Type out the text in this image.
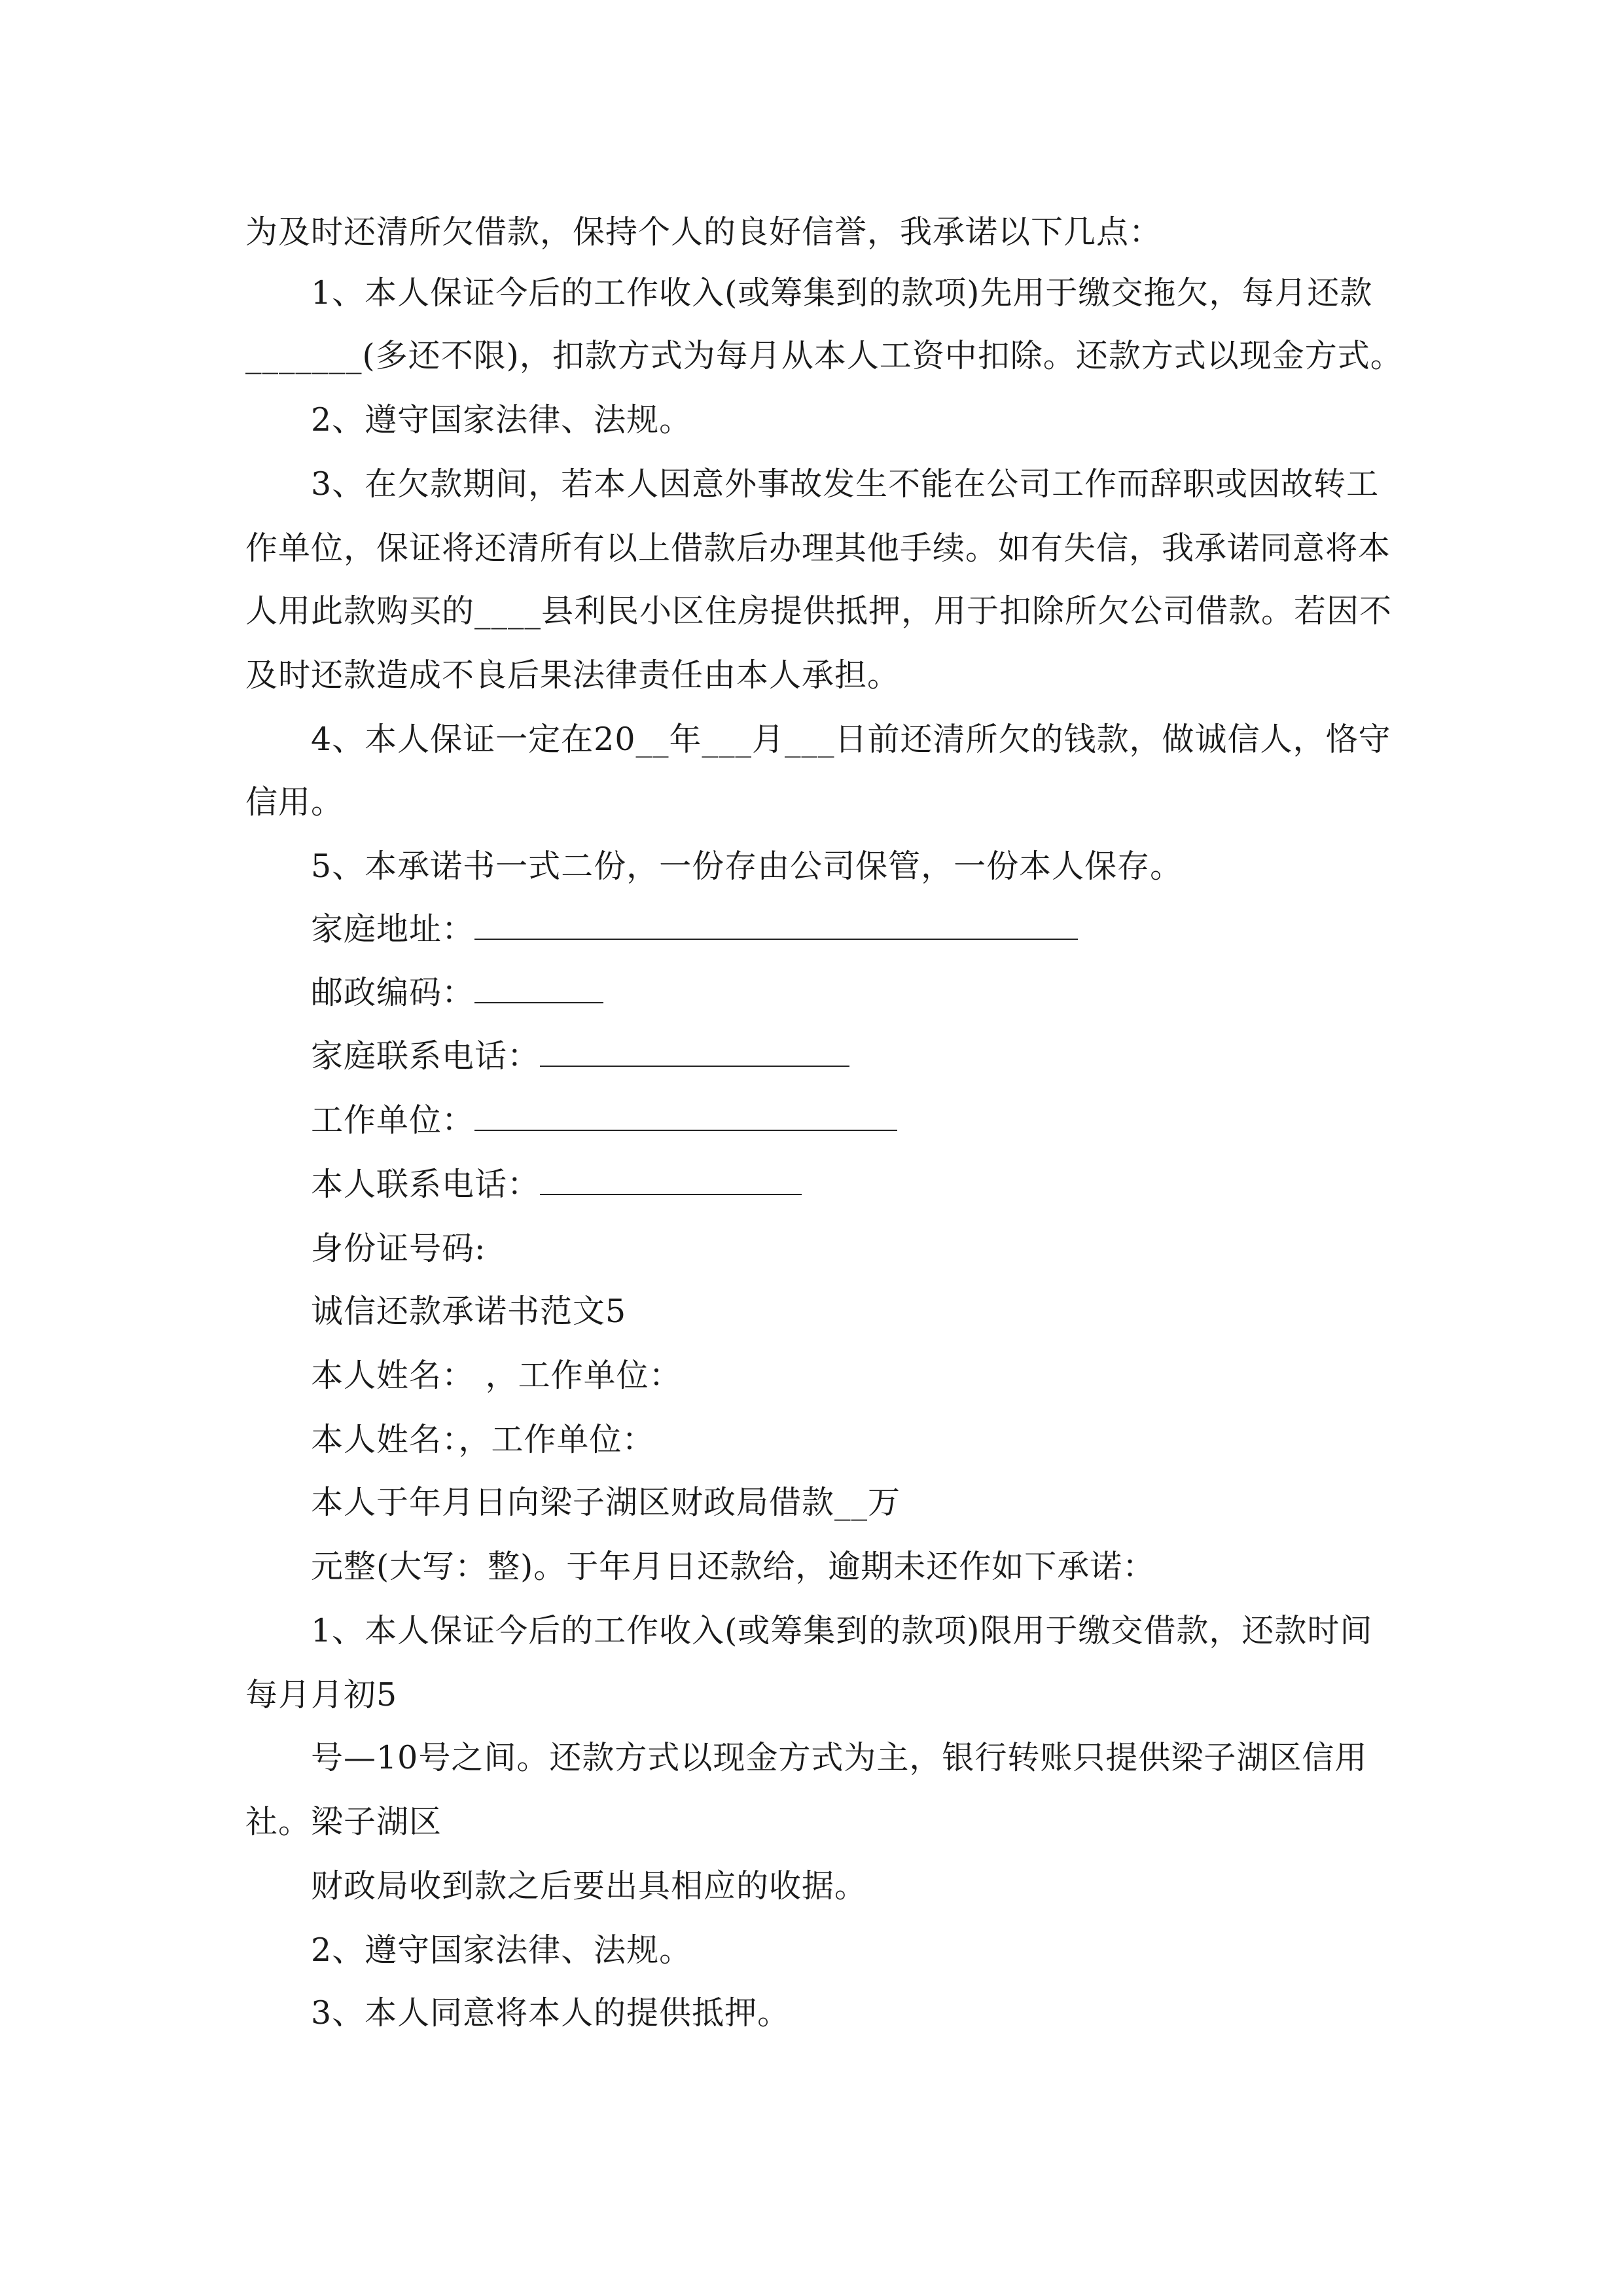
为及时还清所欠借款，保持个人的良好信誉，我承诺以下几点：
1、本人保证今后的工作收入(或筹集到的款项)先用于缴交拖欠，每月还款
_______(多还不限)，扣款方式为每月从本人工资中扣除。还款方式以现金方式。
2、遵守国家法律、法规。
3、在欠款期间，若本人因意外事故发生不能在公司工作而辞职或因故转工
作单位，保证将还清所有以上借款后办理其他手续。如有失信，我承诺同意将本
人用此款购买的____县利民小区住房提供抵押，用于扣除所欠公司借款。若因不
及时还款造成不良后果法律责任由本人承担。
4、本人保证一定在20__年___月___日前还清所欠的钱款，做诚信人，恪守
信用。
5、本承诺书一式二份，一份存由公司保管，一份本人保存。
家庭地址：
邮政编码：
家庭联系电话：
工作单位：
本人联系电话：
身份证号码:
诚信还款承诺书范文5
本人姓名： ，工作单位：
本人姓名：，工作单位：
本人于年月日向梁子湖区财政局借款__万
元整(大写：整)。于年月日还款给，逾期未还作如下承诺：
1、本人保证今后的工作收入(或筹集到的款项)限用于缴交借款，还款时间
每月月初5
号—10号之间。还款方式以现金方式为主，银行转账只提供梁子湖区信用
社。梁子湖区
财政局收到款之后要出具相应的收据。
2、遵守国家法律、法规。
3、本人同意将本人的提供抵押。
